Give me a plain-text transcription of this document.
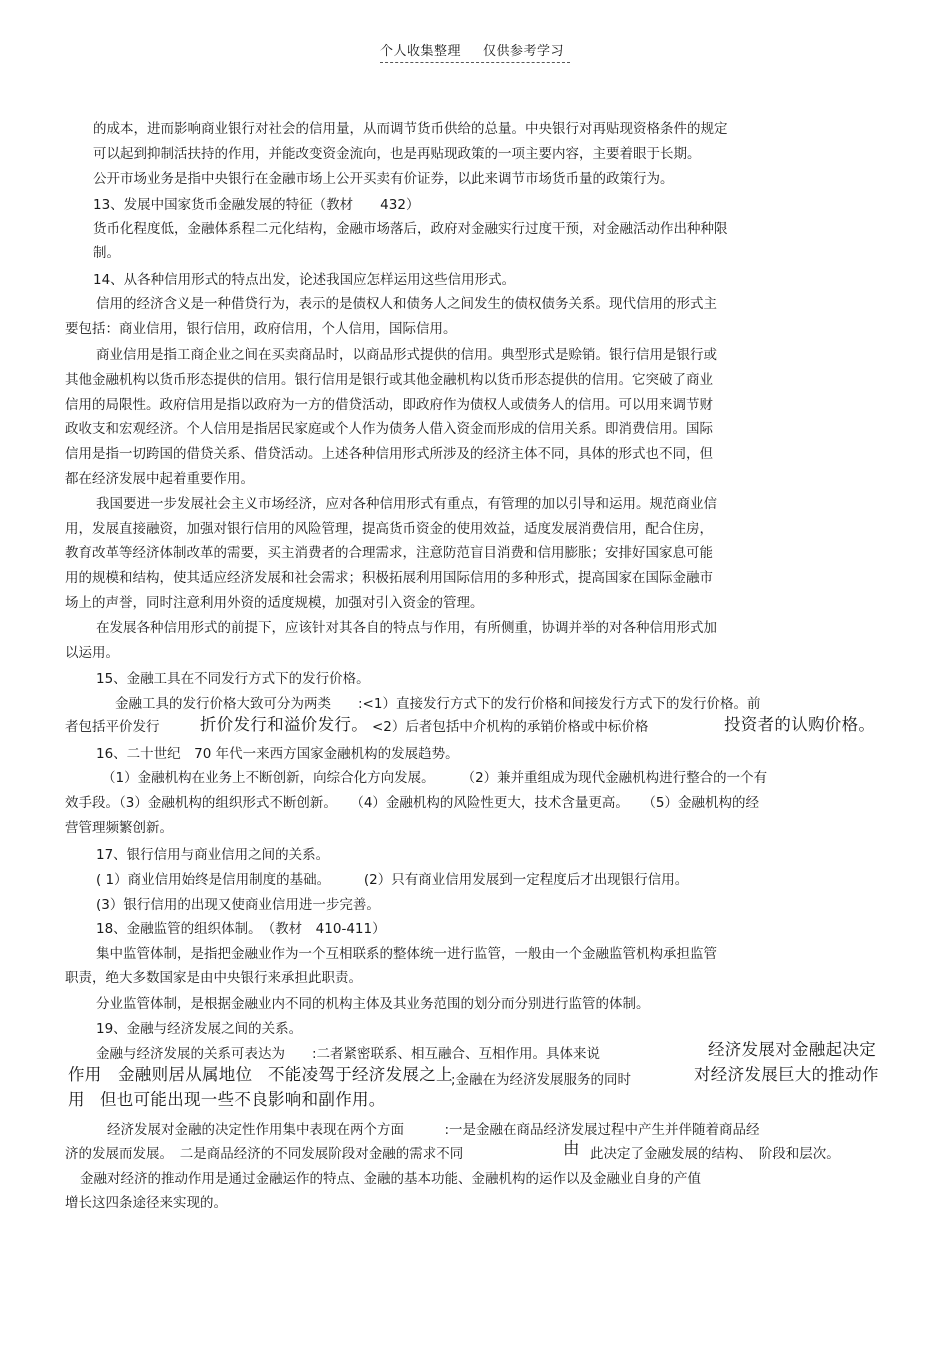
个人收集整理 仅供参考学习
的成本，进而影响商业银行对社会的信用量，从而调节货币供给的总量。中央银行对再贴现资格条件的规定
可以起到抑制活扶持的作用，并能改变资金流向，也是再贴现政策的一项主要内容，主要着眼于长期。
公开市场业务是指中央银行在金融市场上公开买卖有价证券，以此来调节市场货币量的政策行为。
13、发展中国家货币金融发展的特征（教材　　432）
货币化程度低，金融体系程二元化结构，金融市场落后，政府对金融实行过度干预，对金融活动作出种种限
制。
14、从各种信用形式的特点出发，论述我国应怎样运用这些信用形式。
信用的经济含义是一种借贷行为，表示的是债权人和债务人之间发生的债权债务关系。现代信用的形式主
要包括：商业信用，银行信用，政府信用，个人信用，国际信用。
商业信用是指工商企业之间在买卖商品时，以商品形式提供的信用。典型形式是赊销。银行信用是银行或
其他金融机构以货币形态提供的信用。银行信用是银行或其他金融机构以货币形态提供的信用。它突破了商业
信用的局限性。政府信用是指以政府为一方的借贷活动，即政府作为债权人或债务人的信用。可以用来调节财
政收支和宏观经济。个人信用是指居民家庭或个人作为债务人借入资金而形成的信用关系。即消费信用。国际
信用是指一切跨国的借贷关系、借贷活动。上述各种信用形式所涉及的经济主体不同，具体的形式也不同，但
都在经济发展中起着重要作用。
我国要进一步发展社会主义市场经济，应对各种信用形式有重点，有管理的加以引导和运用。规范商业信
用，发展直接融资，加强对银行信用的风险管理，提高货币资金的使用效益，适度发展消费信用，配合住房，
教育改革等经济体制改革的需要，买主消费者的合理需求，注意防范盲目消费和信用膨胀；安排好国家息可能
用的规模和结构，使其适应经济发展和社会需求；积极拓展利用国际信用的多种形式，提高国家在国际金融市
场上的声誉，同时注意利用外资的适度规模，加强对引入资金的管理。
在发展各种信用形式的前提下，应该针对其各自的特点与作用，有所侧重，协调并举的对各种信用形式加
以运用。
15、金融工具在不同发行方式下的发行价格。
金融工具的发行价格大致可分为两类　　:<1）直接发行方式下的发行价格和间接发行方式下的发行价格。前
者包括平价发行 折价发行和溢价发行。 <2）后者包括中介机构的承销价格或中标价格	投资者的认购价格。
16、二十世纪　70 年代一来西方国家金融机构的发展趋势。
（1）金融机构在业务上不断创新，向综合化方向发展。　　　（2）兼并重组成为现代金融机构进行整合的一个有
效手段。（3）金融机构的组织形式不断创新。　　（4）金融机构的风险性更大，技术含量更高。　　（5）金融机构的经
营管理频繁创新。
17、银行信用与商业信用之间的关系。
( 1）商业信用始终是信用制度的基础。　　　(2）只有商业信用发展到一定程度后才出现银行信用。
(3）银行信用的出现又使商业信用进一步完善。
18、金融监管的组织体制。　（教材　410-411）
集中监管体制，是指把金融业作为一个互相联系的整体统一进行监管，一般由一个金融监管机构承担监管
职责，绝大多数国家是由中央银行来承担此职责。
分业监管体制，是根据金融业内不同的机构主体及其业务范围的划分而分别进行监管的体制。
19、金融与经济发展之间的关系。
金融与经济发展的关系可表达为　　:二者紧密联系、相互融合、互相作用。具体来说	经济发展对金融起决定
作用 金融则居从属地位 不能凌驾于经济发展之上
;金融在为经济发展服务的同时	对经济发展巨大的推动作
用 但也可能出现一些不良影响和副作用。
经济发展对金融的决定性作用集中表现在两个方面　　　:一是金融在商品经济发展过程中产生并伴随着商品经
济的发展而发展。　二是商品经济的不同发展阶段对金融的需求不同	由 此决定了金融发展的结构、　阶段和层次。
金融对经济的推动作用是通过金融运作的特点、金融的基本功能、金融机构的运作以及金融业自身的产值
增长这四条途径来实现的。
